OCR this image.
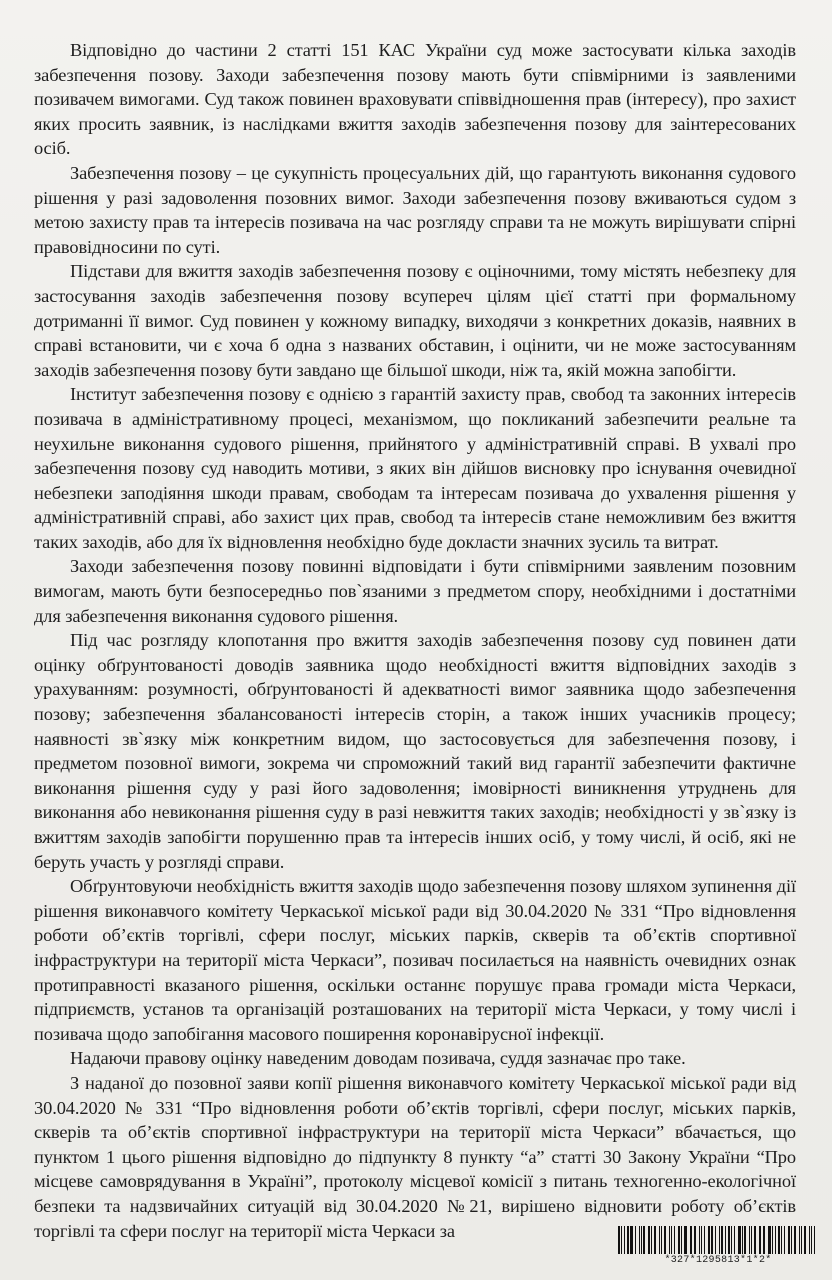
Відповідно до частини 2 статті 151 КАС України суд може застосувати кілька заходів забезпечення позову. Заходи забезпечення позову мають бути співмірними із заявленими позивачем вимогами. Суд також повинен враховувати співвідношення прав (інтересу), про захист яких просить заявник, із наслідками вжиття заходів забезпечення позову для заінтересованих осіб.

Забезпечення позову – це сукупність процесуальних дій, що гарантують виконання судового рішення у разі задоволення позовних вимог. Заходи забезпечення позову вживаються судом з метою захисту прав та інтересів позивача на час розгляду справи та не можуть вирішувати спірні правовідносини по суті.

Підстави для вжиття заходів забезпечення позову є оціночними, тому містять небезпеку для застосування заходів забезпечення позову всупереч цілям цієї статті при формальному дотриманні її вимог. Суд повинен у кожному випадку, виходячи з конкретних доказів, наявних в справі встановити, чи є хоча б одна з названих обставин, і оцінити, чи не може застосуванням заходів забезпечення позову бути завдано ще більшої шкоди, ніж та, якій можна запобігти.

Інститут забезпечення позову є однією з гарантій захисту прав, свобод та законних інтересів позивача в адміністративному процесі, механізмом, що покликаний забезпечити реальне та неухильне виконання судового рішення, прийнятого у адміністративній справі. В ухвалі про забезпечення позову суд наводить мотиви, з яких він дійшов висновку про існування очевидної небезпеки заподіяння шкоди правам, свободам та інтересам позивача до ухвалення рішення у адміністративній справі, або захист цих прав, свобод та інтересів стане неможливим без вжиття таких заходів, або для їх відновлення необхідно буде докласти значних зусиль та витрат.

Заходи забезпечення позову повинні відповідати і бути співмірними заявленим позовним вимогам, мають бути безпосередньо пов`язаними з предметом спору, необхідними і достатніми для забезпечення виконання судового рішення.

Під час розгляду клопотання про вжиття заходів забезпечення позову суд повинен дати оцінку обґрунтованості доводів заявника щодо необхідності вжиття відповідних заходів з урахуванням: розумності, обґрунтованості й адекватності вимог заявника щодо забезпечення позову; забезпечення збалансованості інтересів сторін, а також інших учасників процесу; наявності зв`язку між конкретним видом, що застосовується для забезпечення позову, і предметом позовної вимоги, зокрема чи спроможний такий вид гарантії забезпечити фактичне виконання рішення суду у разі його задоволення; імовірності виникнення утруднень для виконання або невиконання рішення суду в разі невжиття таких заходів; необхідності у зв`язку із вжиттям заходів запобігти порушенню прав та інтересів інших осіб, у тому числі, й осіб, які не беруть участь у розгляді справи.

Обґрунтовуючи необхідність вжиття заходів щодо забезпечення позову шляхом зупинення дії рішення виконавчого комітету Черкаської міської ради від 30.04.2020 № 331 “Про відновлення роботи об’єктів торгівлі, сфери послуг, міських парків, скверів та об’єктів спортивної інфраструктури на території міста Черкаси”, позивач посилається на наявність очевидних ознак протиправності вказаного рішення, оскільки останнє порушує права громади міста Черкаси, підприємств, установ та організацій розташованих на території міста Черкаси, у тому числі і позивача щодо запобігання масового поширення коронавірусної інфекції.

Надаючи правову оцінку наведеним доводам позивача, суддя зазначає про таке.

З наданої до позовної заяви копії рішення виконавчого комітету Черкаської міської ради від 30.04.2020 № 331 “Про відновлення роботи об’єктів торгівлі, сфери послуг, міських парків, скверів та об’єктів спортивної інфраструктури на території міста Черкаси” вбачається, що пунктом 1 цього рішення відповідно до підпункту 8 пункту “а” статті 30 Закону України “Про місцеве самоврядування в Україні”, протоколу місцевої комісії з питань техногенно-екологічної безпеки та надзвичайних ситуацій від 30.04.2020 №21, вирішено відновити роботу об’єктів торгівлі та сфери послуг на території міста Черкаси за

*327*1295813*1*2*
